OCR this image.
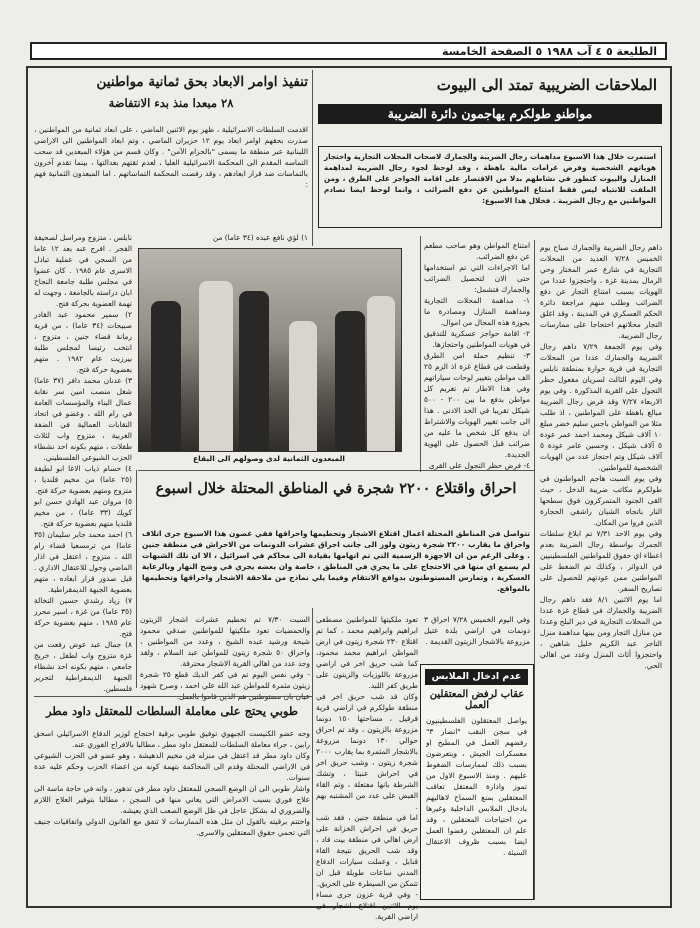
الطليعة ٥ ٤ آب ١٩٨٨ ٥ الصفحة الخامسة
الملاحقات الضريبية تمتد الى البيوت
مواطنو طولكرم يهاجمون دائرة الضريبة
استمرت خلال هذا الاسبوع مداهمات رجال الضريبة والجمارك لاصحاب المحلات التجارية واحتجاز هوياتهم الشخصية وفرض غرامات مالية باهظة ، وقد لوحظ لجوء رجال الضريبة لمداهمة المنازل والبيوت كتطور في نشاطهم بدلا من الاقتصار على اقامة الحواجز على الطرق ، ومن الملفت للانتباه ليس فقط امتناع المواطنين عن دفع الضرائب ، وانما لوحظ ايضا تصادم المواطنين مع رجال الضريبة . فخلال هذا الاسبوع:
داهم رجال الضريبة والجمارك صباح يوم الخميس ٧/٢٨ العديد من المحلات التجارية في شارع عمر المختار وحي الرمال بمدينة غزة ، واحتجزوا عددا من الهويات بسبب امتناع التجار عن دفع الضرائب وطلب منهم مراجعة دائرة الحكم العسكري في المدينة ، وقد اغلق التجار محلاتهم احتجاجا على ممارسات رجال الضريبة.
وفي يوم الجمعة ٧/٢٩ داهم رجال الضريبة والجمارك عددا من المحلات التجارية في قرية حوارة بمنطقة نابلس وفي اليوم الثالث لسريان مفعول حظر التجول على القرية المذكورة . وفي يوم الاربعاء ٧/٢٧ وقد فرض رجال الضريبة مبالغ باهظة على المواطنين ، اذ طلب مثلا من المواطن باجس سليم خضر مبلغ ١٠ آلاف شيكل ومحمد احمد عمر عودة ٥ آلاف شيكل ، وحسين عامر عودة ٥ آلاف شيكل وتم احتجاز عدد من الهويات الشخصية للمواطنين.
وفي يوم السبت هاجم المواطنون في طولكرم مكاتب ضريبة الدخل ، حيث القى الجنود المتمركزون فوق سطحها النار باتجاه الشبان راشقي الحجارة الذين فروا من المكان.
وفي يوم الاحد ٧/٣١ تم ابلاغ سلطات الجمرك بواسطة رجال الضريبة بعدم اعطاء اي حقوق للمواطنين الفلسطينيين في الدوائر ، وكذلك تم الضغط على المواطنين ممن عودتهم للحصول على تصاريح السفر.
اما يوم الاثنين ٨/١ فقد داهم رجال الضريبة والجمارك في قطاع غزة عددا من المحلات التجارية في دير البلح وعددا من منازل التجار ومن بينها مداهمة منزل التاجر عبد الكريم خليل شاهين ، واحتجزوا أثاث المنزل وعدد من اهالي الحي.
امتناع المواطن وهو صاحب مطعم عن دفع الضرائب.
اما الاجراءات التي تم استخدامها حتى الان لتحصيل الضرائب والجمارك فتشمل:
١- مداهمة المحلات التجارية ومداهمة المنازل ومصادرة ما بحوزة هذه المحال من اموال.
٢- اقامة حواجز عسكرية للتدقيق في هويات المواطنين واحتجازها.
٣- تنظيم حملة امن الطرق وقطعت في قطاع غزة اذ الزم ٢٥ الف مواطن بتغيير لوحات سياراتهم وفي هذا الاطار تم تغريم كل مواطن بدفع ما بين ٢٠٠ - ٥٠٠ شيكل تقريبا في الحد الادنى . هذا الى جانب تغيير الهويات والاشتراط ان يدفع كل شخص ما عليه من ضرائب قبل الحصول على الهوية الجديدة.
٤- فرض حظر التجول على القرى
تنفيذ اوامر الابعاد بحق ثمانية مواطنين
٢٨ مبعدا منذ بدء الانتفاضة
اقدمت السلطات الاسرائيلية ، ظهر يوم الاثنين الماضي ، على ابعاد ثمانية من المواطنين ، صدرت بحقهم اوامر ابعاد يوم ١٢ حزيران الماضي ، وتم ابعاد المواطنين الى الاراضي اللبنانية عبر منطقة ما يسمى "بالحزام الآمن" . وكان قسم من هؤلاء المبعدين قد سحب التماسه المقدم الى المحكمة الاسرائيلية العليا ، لعدم ثقتهم بعدالتها ، بينما تقدم آخرون بالتماسات ضد قرار ابعادهم ، وقد رفضت المحكمة التماساتهم . اما المبعدون الثمانية فهم :
١) لؤي نافع عبده (٣٤ عاما) من
المبعدون الثمانية لدى وصولهم الى البقاع
نابلس ، متزوج ومراسل لصحيفة الفجر . افرج عنه بعد ١٢ عاما من السجن في عملية تبادل الاسرى عام ١٩٨٥ . كان عضوا في مجلس طلبة جامعة النجاح ابان دراسته بالجامعة ، وجهت له تهمة العضوية بحركة فتح.
٢) سمير محمود عبد القادر صبيحات (٣٤ عاما) ، من قرية رمانة قضاء جنين ، متزوج ، انتخب رئيسا لمجلس طلبة بيرزيت عام ١٩٨٢ . متهم بعضوية حركة فتح.
٣) عدنان محمد دافر (٣٧ عاما) شغل منصب امين سر نقابة عمال البناء والمؤسسات العامة في رام الله ، وعضو في اتحاد النقابات العمالية في الضفة الغربية ، متزوج واب لثلاث طفلات ، متهم بكونه احد نشطاء الحزب الشيوعي الفلسطيني.
٤) حسام ذياب الاغا ابو لطيفة (٢٥ عاما) من مخيم قلنديا ، متزوج ومتهم بعضوية حركة فتح.
٥) مروان عبد الهادي حسن ابو كويك (٣٣ عاما) ، من مخيم قلنديا متهم بعضوية حركة فتح.
٦) احمد محمد جابر سليمان (٣٥ عاما) من ترمسعيا قضاء رام الله ، متزوج ، اعتقل في اذار الماضي وحول للاعتقال الاداري . قيل صدور قرار ابعاده ، متهم بعضوية الجبهة الديمقراطية.
٧) زياد رشدي حسين النخالة (٣٥ عاما) من غزة ، اسير محرر عام ١٩٨٥ ، متهم بعضوية حركة فتح.
٨) جمال عبد عوض رفعت من غزة متزوج واب لطفل ، خريج جامعي ، متهم بكونه احد نشطاء الجبهة الديمقراطية لتحرير فلسطين.
احراق واقتلاع ٢٢٠٠ شجرة في المناطق المحتلة خلال اسبوع
تتواصل في المناطق المحتلة اعمال اقتلاع الاشجار وتحطيمها واحراقها فقي غضون هذا الاسبوع جرى اتلاف واحراق ما يقارب ٢٢٠٠ شجرة زيتون ولوز الى جانب احراق عشرات الدونمات من الاحراش في منطقة جنين . وعلى الرغم من ان الاجهزة الرسمية التي تم اتهامها بقيادة الى محاكم في اسرائيل ، الا ان تلك الشبهات لم يسمع اي منها في الاحتجاج على ما يجري في المناطق ، خاصة وان بعضه يجري في وضح النهار وبالرعاية العسكرية ، وتمارس المستوطنون بدوافع الانتقام وفيما يلي نماذج من ملاحقة الاشجار واحراقها وتحطيمها بالمواقع.
وفي اليوم الخميس ٧/٢٨ احراق ٣ دونمات في اراضي بلدة عتيل مزروعة بالاشجار الزيتون القديمة .
تعود ملكيتها للمواطنين مصطفى ابراهيم وابراهيم محمد ، كما تم اقتلاع ٢٣٠ شجرة زيتون في ارض المواطن ابراهيم محمد محمود، كما شب حريق اخر في اراضي مزروعة باللوزيات والزيتون على طريق كفر اللبد.
وكان قد شب حريق اخر في منطقة طولكرم في اراضي قرية قرقيل ، مساحتها ١٥٠ دونما مزروعة بالزيتون ، وقد تم احراق حوالي ١٣٠ دونما مزروعة بالاشجار المثمرة بما يقارب ٢٠٠٠ شجرة زيتون ، وشب حريق اخر في احراش عنبتا ، وتشك الشرطة بانها مفتعلة ، وتم القاء القبض على عدد من المشتبه بهم .
اما في منطقة جنين ، فقد شب حريق في احراش الخزانة على ارض اهالي في منطقة بيت قاد ، وقد شب الحريق نتيجة القاء قنابل ، وعملت سيارات الدفاع المدني ساعات طويلة قبل ان تتمكن من السيطرة على الحريق.
- وفي قرية عزون جرى مساء يوم الاثنين اقتلاع اشجار في اراضي القرية.
السبت ٧/٣٠ تم تحطيم عشرات اشجار الزيتون والحمضيات تعود ملكيتها للمواطنين صدقي محمود شيحة ورشيد عبده الشيخ ، وعدد من المواطنين ، واحراق ٥٠ شجرة زيتون للمواطن عبد السلام ، ولقد وجد عدد من اهالي القرية الاشجار محترقة.
- وفي نفس اليوم تم في كفر الديك قطع ٢٥ شجرة زيتون مثمرة للمواطن عبد الله علي احمد ، وصرح شهود عيان بان مستوطنين هم الذين قاموا بالعمل.
عدم ادخال الملابس
عقاب لرفض المعتقلين العمل
يواصل المعتقلون الفلسطينيون في سجن النقب "انصار ٣" رفضهم العمل في المطبخ او معسكرات الجيش ، ويتعرضون بسبب ذلك لممارسات الضغوط عليهم . ومنذ الاسبوع الاول من تموز وادارة المعتقل تعاقب المعتقلين بمنع السماح لاهاليهم بادخال الملابس الداخلية وغيرها من احتياجات المعتقلين ، وقد علم ان المعتقلين رفضوا العمل ايضا بسبب ظروف الاعتقال السيئة .
طوبي يحتج على معاملة السلطات للمعتقل داود مطر
وجه عضو الكنيست الجبهوي توفيق طوبي برقية احتجاج لوزير الدفاع الاسرائيلي اسحق رابين ، جراء معاملة السلطات للمعتقل داود مطر ، مطالبا بالافراج الفوري عنه.
وكان داود مطر قد اعتقل في منزله في مخيم الدهيشة ، وهو عضو في الحزب الشيوعي في الاراضي المحتلة وقدم الى المحاكمة بتهمة كونه من اعضاء الحزب وحكم عليه عدة سنوات.
واشار طوبي الى ان الوضع الصحي للمعتقل داود مطر في تدهور ، وانه في حاجة ماسة الى علاج فوري بسبب الامراض التي يعاني منها في السجن ، مطالبا بتوفير العلاج اللازم والضروري له بشكل عاجل في ظل الوضع الصعب الذي يعيشه.
واختتم برقيته بالقول ان مثل هذه الممارسات لا تتفق مع القانون الدولي واتفاقيات جنيف التي تحمي حقوق المعتقلين والاسرى.
